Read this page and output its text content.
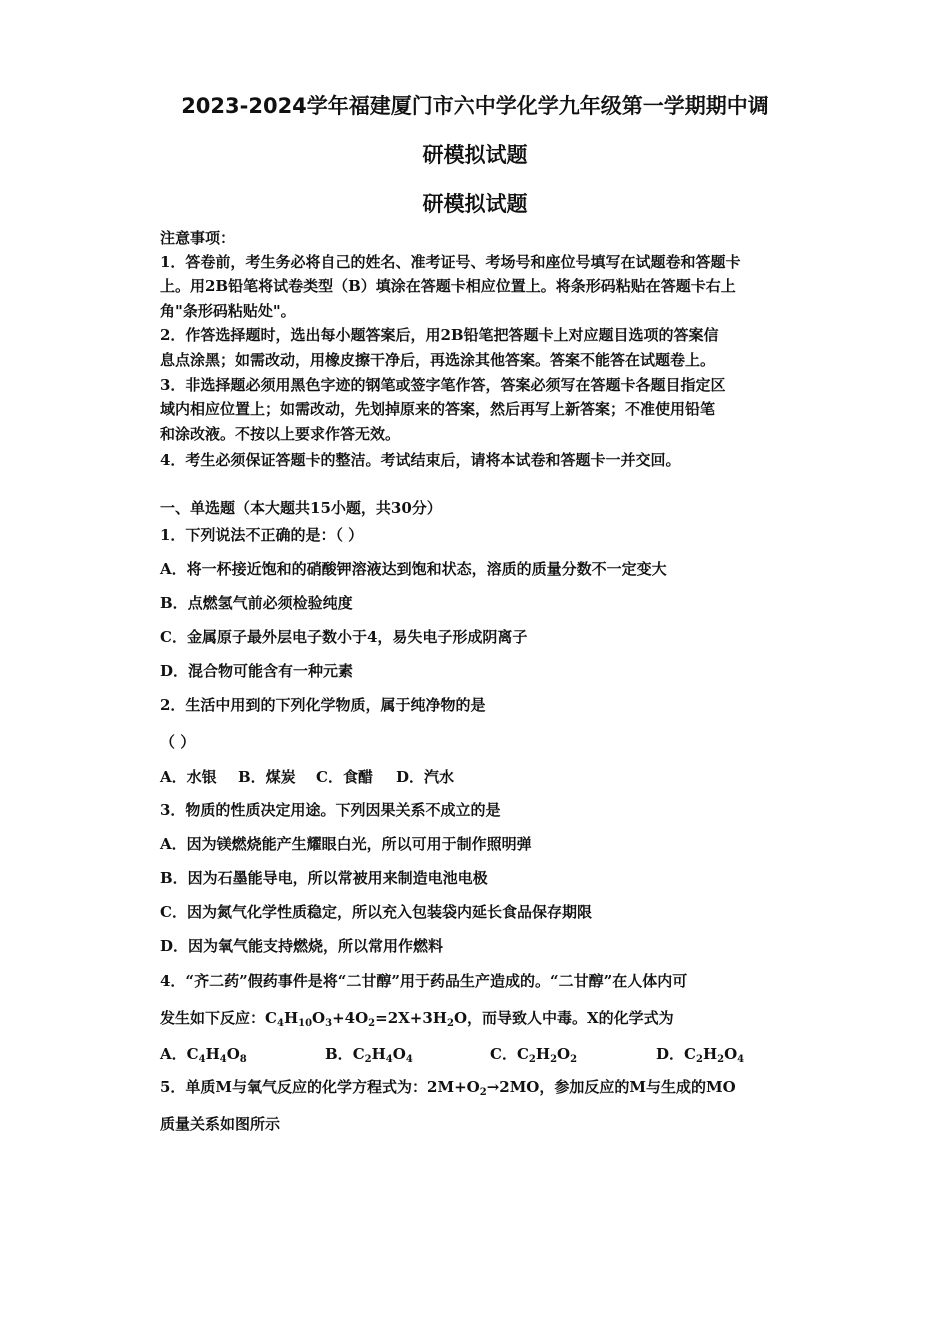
2023-2024学年福建厦门市六中学化学九年级第一学期期中调
研模拟试题
研模拟试题
注意事项：
1．答卷前，考生务必将自己的姓名、准考证号、考场号和座位号填写在试题卷和答题卡
上。用2B铅笔将试卷类型（B）填涂在答题卡相应位置上。将条形码粘贴在答题卡右上
角"条形码粘贴处"。
2．作答选择题时，选出每小题答案后，用2B铅笔把答题卡上对应题目选项的答案信
息点涂黑；如需改动，用橡皮擦干净后，再选涂其他答案。答案不能答在试题卷上。
3．非选择题必须用黑色字迹的钢笔或签字笔作答，答案必须写在答题卡各题目指定区
域内相应位置上；如需改动，先划掉原来的答案，然后再写上新答案；不准使用铅笔
和涂改液。不按以上要求作答无效。
4．考生必须保证答题卡的整洁。考试结束后，请将本试卷和答题卡一并交回。
一、单选题（本大题共15小题，共30分）
1．下列说法不正确的是：（ ）
A．将一杯接近饱和的硝酸钾溶液达到饱和状态，溶质的质量分数不一定变大
B．点燃氢气前必须检验纯度
C．金属原子最外层电子数小于4，易失电子形成阴离子
D．混合物可能含有一种元素
2．生活中用到的下列化学物质，属于纯净物的是
（ ）
A．水银 B．煤炭 C．食醋 D．汽水
3．物质的性质决定用途。下列因果关系不成立的是
A．因为镁燃烧能产生耀眼白光，所以可用于制作照明弹
B．因为石墨能导电，所以常被用来制造电池电极
C．因为氮气化学性质稳定，所以充入包装袋内延长食品保存期限
D．因为氧气能支持燃烧，所以常用作燃料
4．“齐二药”假药事件是将“二甘醇”用于药品生产造成的。“二甘醇”在人体内可
发生如下反应：$C_4H_{10}O_3+4O_2=2X+3H_2O$，而导致人中毒。X的化学式为
A．$C_4H_4O_8$	B．$C_2H_4O_4$	C．$C_2H_2O_2$	D．$C_2H_2O_4$
5．单质M与氧气反应的化学方程式为：$2M+O_2\to 2MO$，参加反应的M与生成的MO
质量关系如图所示
